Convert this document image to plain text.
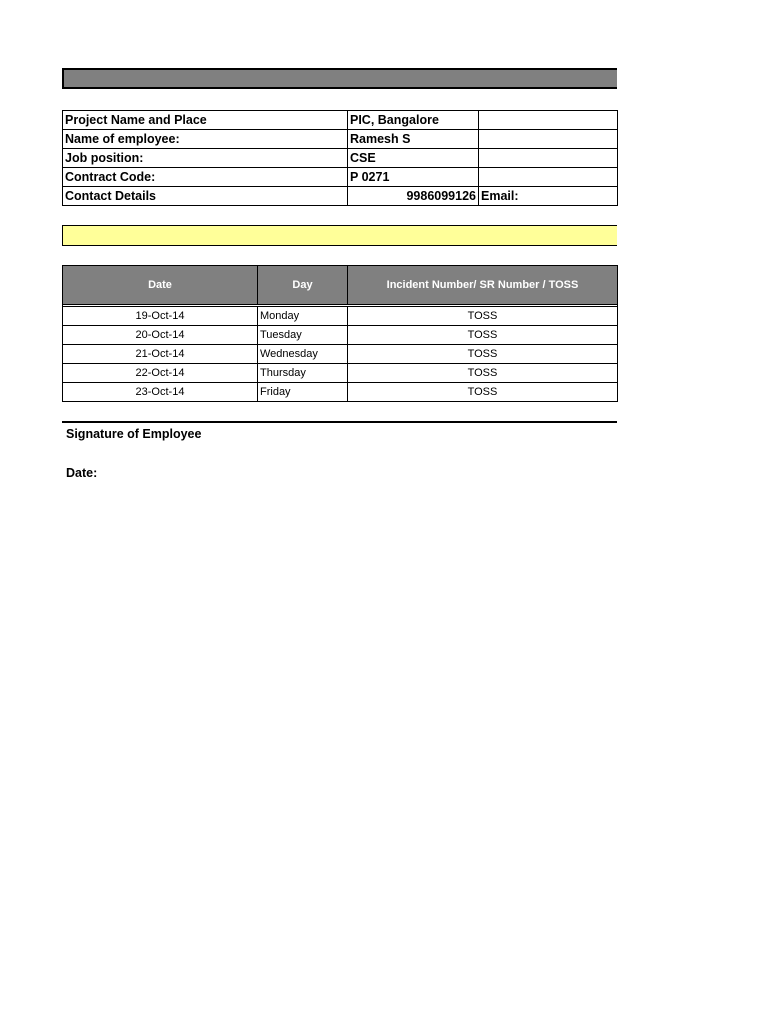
Project Name and Place	PIC, Bangalore	
Name of employee:	Ramesh S	
Job position:	CSE	
Contract Code:	P 0271	
Contact Details	9986099126	Email:
Date	Day	Incident Number/ SR Number / TOSS

19-Oct-14	Monday	TOSS
20-Oct-14	Tuesday	TOSS
21-Oct-14	Wednesday	TOSS
22-Oct-14	Thursday	TOSS
23-Oct-14	Friday	TOSS
Signature of Employee
Date:
